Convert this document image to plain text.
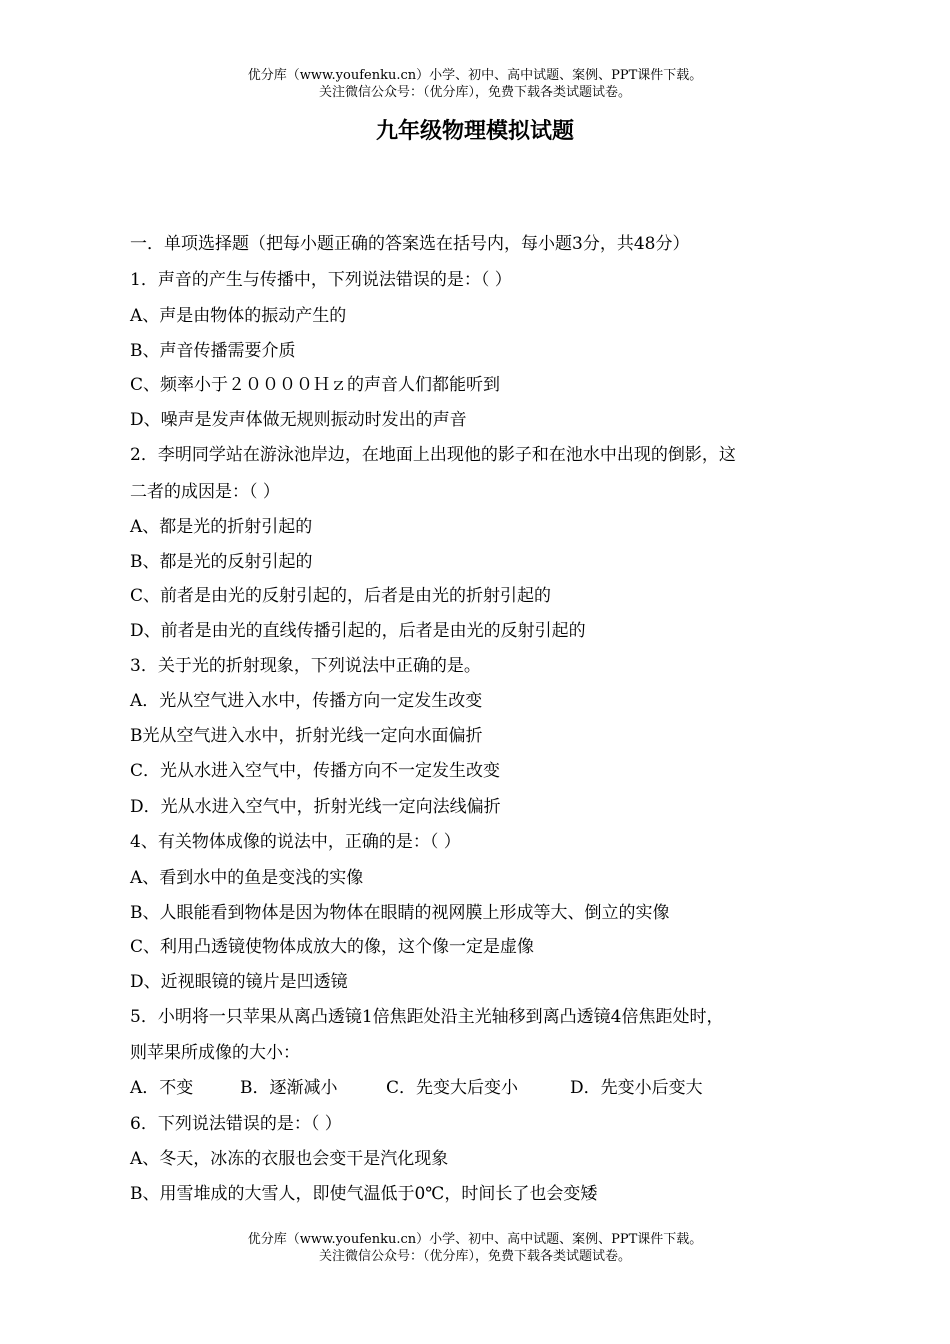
优分库（www.youfenku.cn）小学、初中、高中试题、案例、PPT课件下载。
关注微信公众号：（优分库），免费下载各类试题试卷。
九年级物理模拟试题
一．单项选择题（把每小题正确的答案选在括号内，每小题3分，共48分）
1．声音的产生与传播中，下列说法错误的是：（ ）
A、声是由物体的振动产生的
B、声音传播需要介质
C、频率小于２００００Ｈｚ的声音人们都能听到
D、噪声是发声体做无规则振动时发出的声音
2．李明同学站在游泳池岸边，在地面上出现他的影子和在池水中出现的倒影，这
二者的成因是：（ ）
A、都是光的折射引起的
B、都是光的反射引起的
C、前者是由光的反射引起的，后者是由光的折射引起的
D、前者是由光的直线传播引起的，后者是由光的反射引起的
3．关于光的折射现象，下列说法中正确的是。
A．光从空气进入水中，传播方向一定发生改变
B光从空气进入水中，折射光线一定向水面偏折
C．光从水进入空气中，传播方向不一定发生改变
D．光从水进入空气中，折射光线一定向法线偏折
4、有关物体成像的说法中，正确的是：（ ）
A、看到水中的鱼是变浅的实像
B、人眼能看到物体是因为物体在眼睛的视网膜上形成等大、倒立的实像
C、利用凸透镜使物体成放大的像，这个像一定是虚像
D、近视眼镜的镜片是凹透镜
5．小明将一只苹果从离凸透镜1倍焦距处沿主光轴移到离凸透镜4倍焦距处时，
则苹果所成像的大小：
A．不变	B．逐渐减小	C．先变大后变小	D．先变小后变大
6．下列说法错误的是：（ ）
A、冬天，冰冻的衣服也会变干是汽化现象
B、用雪堆成的大雪人，即使气温低于0℃，时间长了也会变矮
优分库（www.youfenku.cn）小学、初中、高中试题、案例、PPT课件下载。
关注微信公众号：（优分库），免费下载各类试题试卷。
